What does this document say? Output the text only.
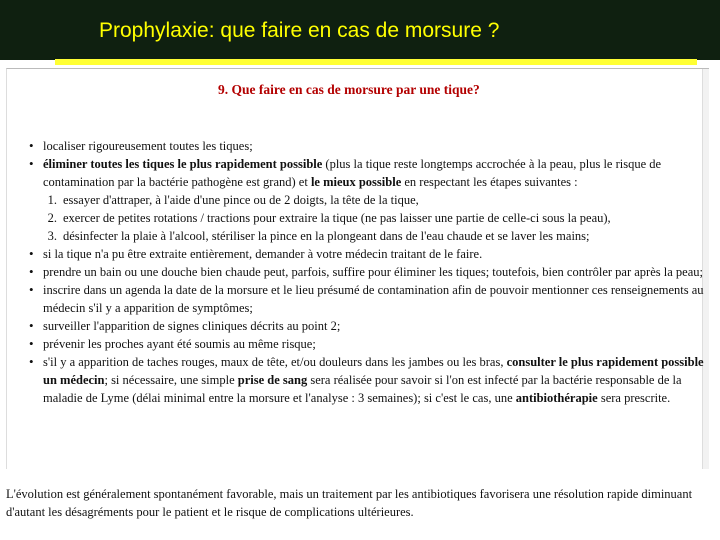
Prophylaxie: que faire en cas de morsure ?
9. Que faire en cas de morsure par une tique?
• localiser rigoureusement toutes les tiques;
• éliminer toutes les tiques le plus rapidement possible (plus la tique reste longtemps accrochée à la peau, plus le risque de contamination par la bactérie pathogène est grand) et le mieux possible en respectant les étapes suivantes :
1. essayer d'attraper, à l'aide d'une pince ou de 2 doigts, la tête de la tique,
2. exercer de petites rotations / tractions pour extraire la tique (ne pas laisser une partie de celle-ci sous la peau),
3. désinfecter la plaie à l'alcool, stériliser la pince en la plongeant dans de l'eau chaude et se laver les mains;
• si la tique n'a pu être extraite entièrement, demander à votre médecin traitant de le faire.
• prendre un bain ou une douche bien chaude peut, parfois, suffire pour éliminer les tiques; toutefois, bien contrôler par après la peau;
• inscrire dans un agenda la date de la morsure et le lieu présumé de contamination afin de pouvoir mentionner ces renseignements au médecin s'il y a apparition de symptômes;
• surveiller l'apparition de signes cliniques décrits au point 2;
• prévenir les proches ayant été soumis au même risque;
• s'il y a apparition de taches rouges, maux de tête, et/ou douleurs dans les jambes ou les bras, consulter le plus rapidement possible un médecin; si nécessaire, une simple prise de sang sera réalisée pour savoir si l'on est infecté par la bactérie responsable de la maladie de Lyme (délai minimal entre la morsure et l'analyse : 3 semaines); si c'est le cas, une antibiothérapie sera prescrite.

L'évolution est généralement spontanément favorable, mais un traitement par les antibiotiques favorisera une résolution rapide diminuant d'autant les désagréments pour le patient et le risque de complications ultérieures.
